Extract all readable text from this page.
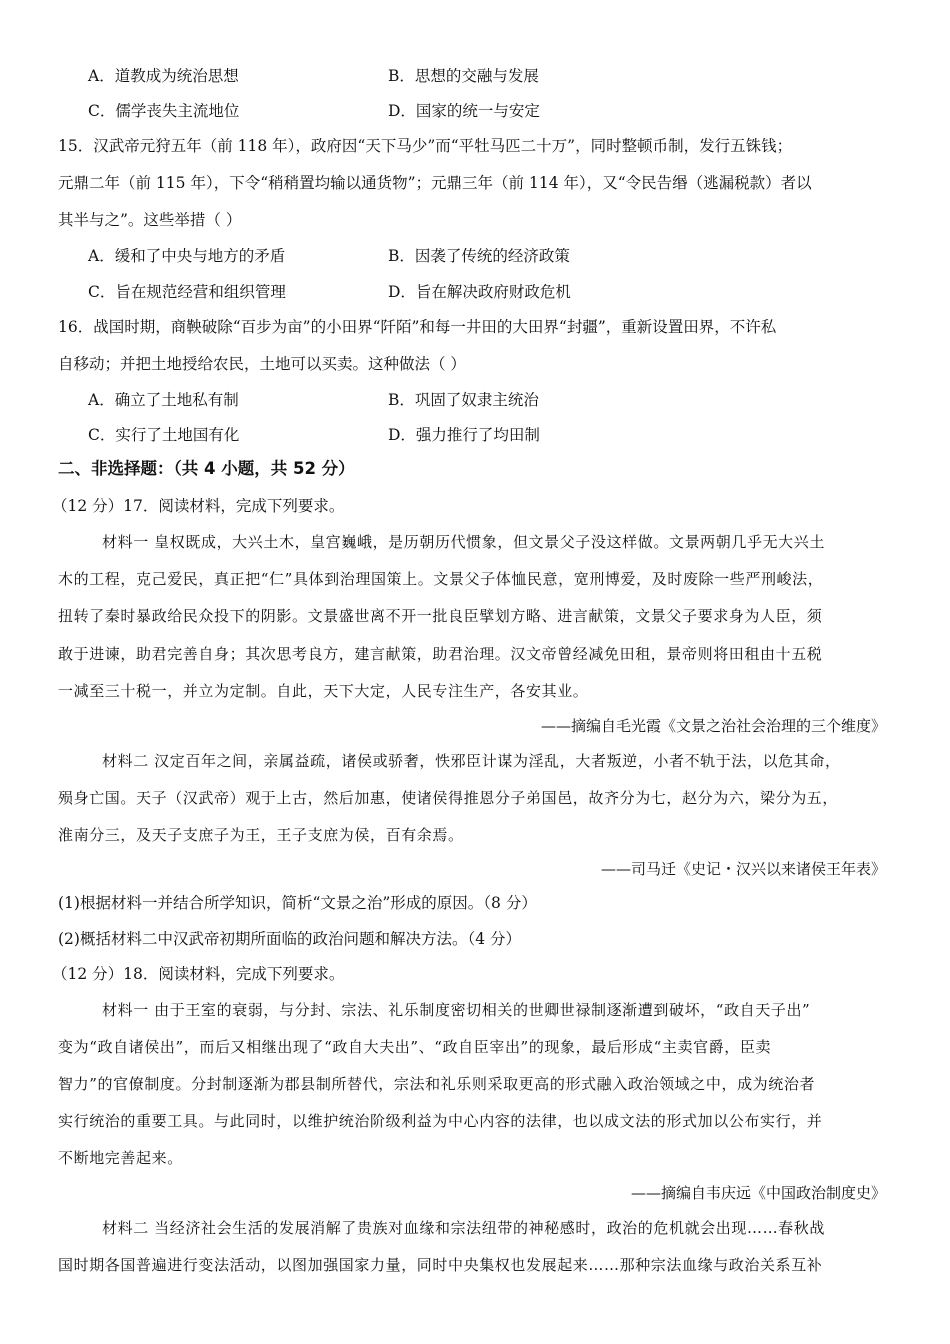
A．道教成为统治思想	B．思想的交融与发展
C．儒学丧失主流地位	D．国家的统一与安定
15．汉武帝元狩五年（前 118 年），政府因“天下马少”而“平牡马匹二十万”，同时整顿币制，发行五铢钱；
元鼎二年（前 115 年），下令“稍稍置均输以通货物”；元鼎三年（前 114 年），又“令民告缗（逃漏税款）者以
其半与之”。这些举措（ ）
A．缓和了中央与地方的矛盾	B．因袭了传统的经济政策
C．旨在规范经营和组织管理	D．旨在解决政府财政危机
16．战国时期，商鞅破除“百步为亩”的小田界“阡陌”和每一井田的大田界“封疆”，重新设置田界，不许私
自移动；并把土地授给农民，土地可以买卖。这种做法（ ）
A．确立了土地私有制	B．巩固了奴隶主统治
C．实行了土地国有化	D．强力推行了均田制
二、非选择题：（共 4 小题，共 52 分）
（12 分）17．阅读材料，完成下列要求。
材料一 皇权既成，大兴土木，皇宫巍峨，是历朝历代惯象，但文景父子没这样做。文景两朝几乎无大兴土
木的工程，克己爱民，真正把“仁”具体到治理国策上。文景父子体恤民意，宽刑博爱，及时废除一些严刑峻法，
扭转了秦时暴政给民众投下的阴影。文景盛世离不开一批良臣擘划方略、进言献策，文景父子要求身为人臣，须
敢于进谏，助君完善自身；其次思考良方，建言献策，助君治理。汉文帝曾经减免田租，景帝则将田租由十五税
一减至三十税一，并立为定制。自此，天下大定，人民专注生产，各安其业。
——摘编自毛光霞《文景之治社会治理的三个维度》
材料二 汉定百年之间，亲属益疏，诸侯或骄奢，怢邪臣计谋为淫乱，大者叛逆，小者不轨于法，以危其命，
殒身亡国。天子（汉武帝）观于上古，然后加惠，使诸侯得推恩分子弟国邑，故齐分为七，赵分为六，梁分为五，
淮南分三，及天子支庶子为王，王子支庶为侯，百有余焉。
——司马迁《史记・汉兴以来诸侯王年表》
(1)根据材料一并结合所学知识，简析“文景之治”形成的原因。（8 分）
(2)概括材料二中汉武帝初期所面临的政治问题和解决方法。（4 分）
（12 分）18．阅读材料，完成下列要求。
材料一 由于王室的衰弱，与分封、宗法、礼乐制度密切相关的世卿世禄制逐渐遭到破坏，“政自天子出”
变为“政自诸侯出”，而后又相继出现了“政自大夫出”、“政自臣宰出”的现象，最后形成“主卖官爵，臣卖
智力”的官僚制度。分封制逐渐为郡县制所替代，宗法和礼乐则采取更高的形式融入政治领域之中，成为统治者
实行统治的重要工具。与此同时，以维护统治阶级利益为中心内容的法律，也以成文法的形式加以公布实行，并
不断地完善起来。
——摘编自韦庆远《中国政治制度史》
材料二 当经济社会生活的发展消解了贵族对血缘和宗法纽带的神秘感时，政治的危机就会出现……春秋战
国时期各国普遍进行变法活动，以图加强国家力量，同时中央集权也发展起来……那种宗法血缘与政治关系互补
